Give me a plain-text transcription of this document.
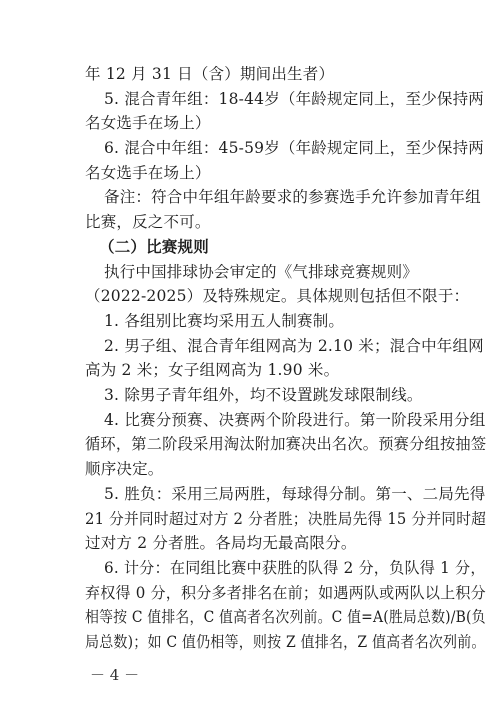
年 12 月 31 日（含）期间出生者）
5. 混合青年组：18-44岁（年龄规定同上，至少保持两
名女选手在场上）
6. 混合中年组：45-59岁（年龄规定同上，至少保持两
名女选手在场上）
备注：符合中年组年龄要求的参赛选手允许参加青年组
比赛，反之不可。
（二）比赛规则
执行中国排球协会审定的《气排球竞赛规则》
（2022-2025）及特殊规定。具体规则包括但不限于：
1. 各组别比赛均采用五人制赛制。
2. 男子组、混合青年组网高为 2.10 米；混合中年组网
高为 2 米；女子组网高为 1.90 米。
3. 除男子青年组外，均不设置跳发球限制线。
4. 比赛分预赛、决赛两个阶段进行。第一阶段采用分组
循环，第二阶段采用淘汰附加赛决出名次。预赛分组按抽签
顺序决定。
5. 胜负：采用三局两胜，每球得分制。第一、二局先得
21 分并同时超过对方 2 分者胜；决胜局先得 15 分并同时超
过对方 2 分者胜。各局均无最高限分。
6. 计分：在同组比赛中获胜的队得 2 分，负队得 1 分，
弃权得 0 分，积分多者排名在前；如遇两队或两队以上积分
相等按 C 值排名，C 值高者名次列前。C 值=A(胜局总数)/B(负
局总数)；如 C 值仍相等，则按 Z 值排名，Z 值高者名次列前。
－ 4 －
